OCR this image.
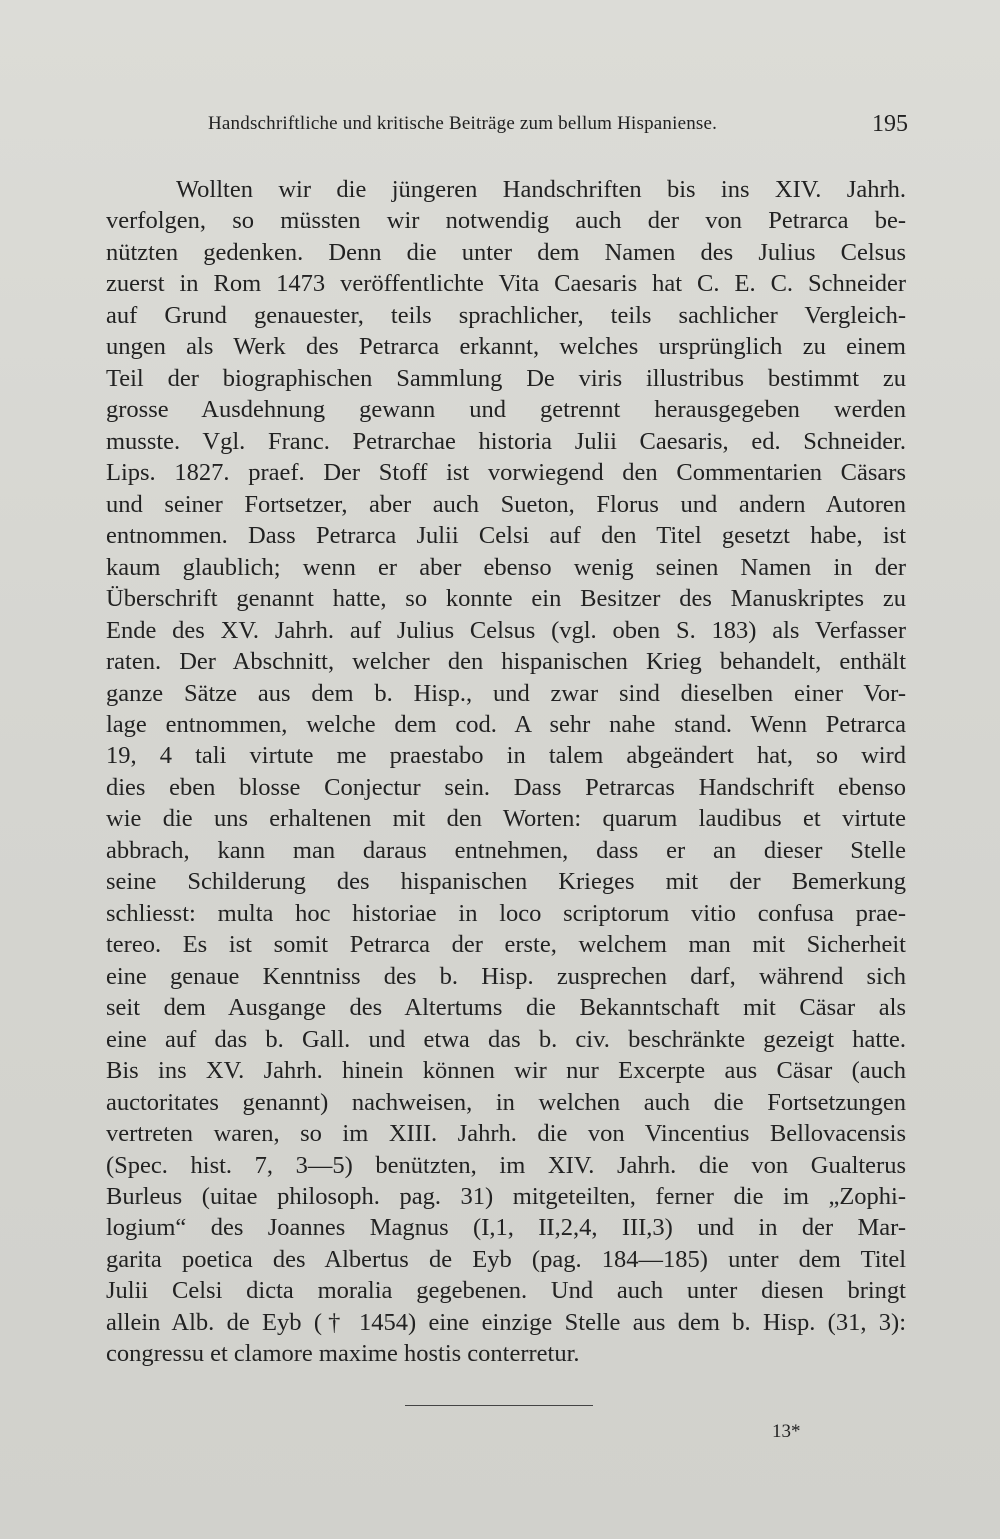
Handschriftliche und kritische Beiträge zum bellum Hispaniense.	195
Wollten wir die jüngeren Handschriften bis ins XIV. Jahrh.
verfolgen, so müssten wir notwendig auch der von Petrarca be-
nützten gedenken. Denn die unter dem Namen des Julius Celsus
zuerst in Rom 1473 veröffentlichte Vita Caesaris hat C. E. C. Schneider
auf Grund genauester, teils sprachlicher, teils sachlicher Vergleich-
ungen als Werk des Petrarca erkannt, welches ursprünglich zu einem
Teil der biographischen Sammlung De viris illustribus bestimmt zu
grosse Ausdehnung gewann und getrennt herausgegeben werden
musste. Vgl. Franc. Petrarchae historia Julii Caesaris, ed. Schneider.
Lips. 1827. praef. Der Stoff ist vorwiegend den Commentarien Cäsars
und seiner Fortsetzer, aber auch Sueton, Florus und andern Autoren
entnommen. Dass Petrarca Julii Celsi auf den Titel gesetzt habe, ist
kaum glaublich; wenn er aber ebenso wenig seinen Namen in der
Überschrift genannt hatte, so konnte ein Besitzer des Manuskriptes zu
Ende des XV. Jahrh. auf Julius Celsus (vgl. oben S. 183) als Verfasser
raten. Der Abschnitt, welcher den hispanischen Krieg behandelt, enthält
ganze Sätze aus dem b. Hisp., und zwar sind dieselben einer Vor-
lage entnommen, welche dem cod. A sehr nahe stand. Wenn Petrarca
19, 4 tali virtute me praestabo in talem abgeändert hat, so wird
dies eben blosse Conjectur sein. Dass Petrarcas Handschrift ebenso
wie die uns erhaltenen mit den Worten: quarum laudibus et virtute
abbrach, kann man daraus entnehmen, dass er an dieser Stelle
seine Schilderung des hispanischen Krieges mit der Bemerkung
schliesst: multa hoc historiae in loco scriptorum vitio confusa prae-
tereo. Es ist somit Petrarca der erste, welchem man mit Sicherheit
eine genaue Kenntniss des b. Hisp. zusprechen darf, während sich
seit dem Ausgange des Altertums die Bekanntschaft mit Cäsar als
eine auf das b. Gall. und etwa das b. civ. beschränkte gezeigt hatte.
Bis ins XV. Jahrh. hinein können wir nur Excerpte aus Cäsar (auch
auctoritates genannt) nachweisen, in welchen auch die Fortsetzungen
vertreten waren, so im XIII. Jahrh. die von Vincentius Bellovacensis
(Spec. hist. 7, 3—5) benützten, im XIV. Jahrh. die von Gualterus
Burleus (uitae philosoph. pag. 31) mitgeteilten, ferner die im „Zophi-
logium“ des Joannes Magnus (I,1, II,2,4, III,3) und in der Mar-
garita poetica des Albertus de Eyb (pag. 184—185) unter dem Titel
Julii Celsi dicta moralia gegebenen. Und auch unter diesen bringt
allein Alb. de Eyb († 1454) eine einzige Stelle aus dem b. Hisp. (31, 3):
congressu et clamore maxime hostis conterretur.
13*
